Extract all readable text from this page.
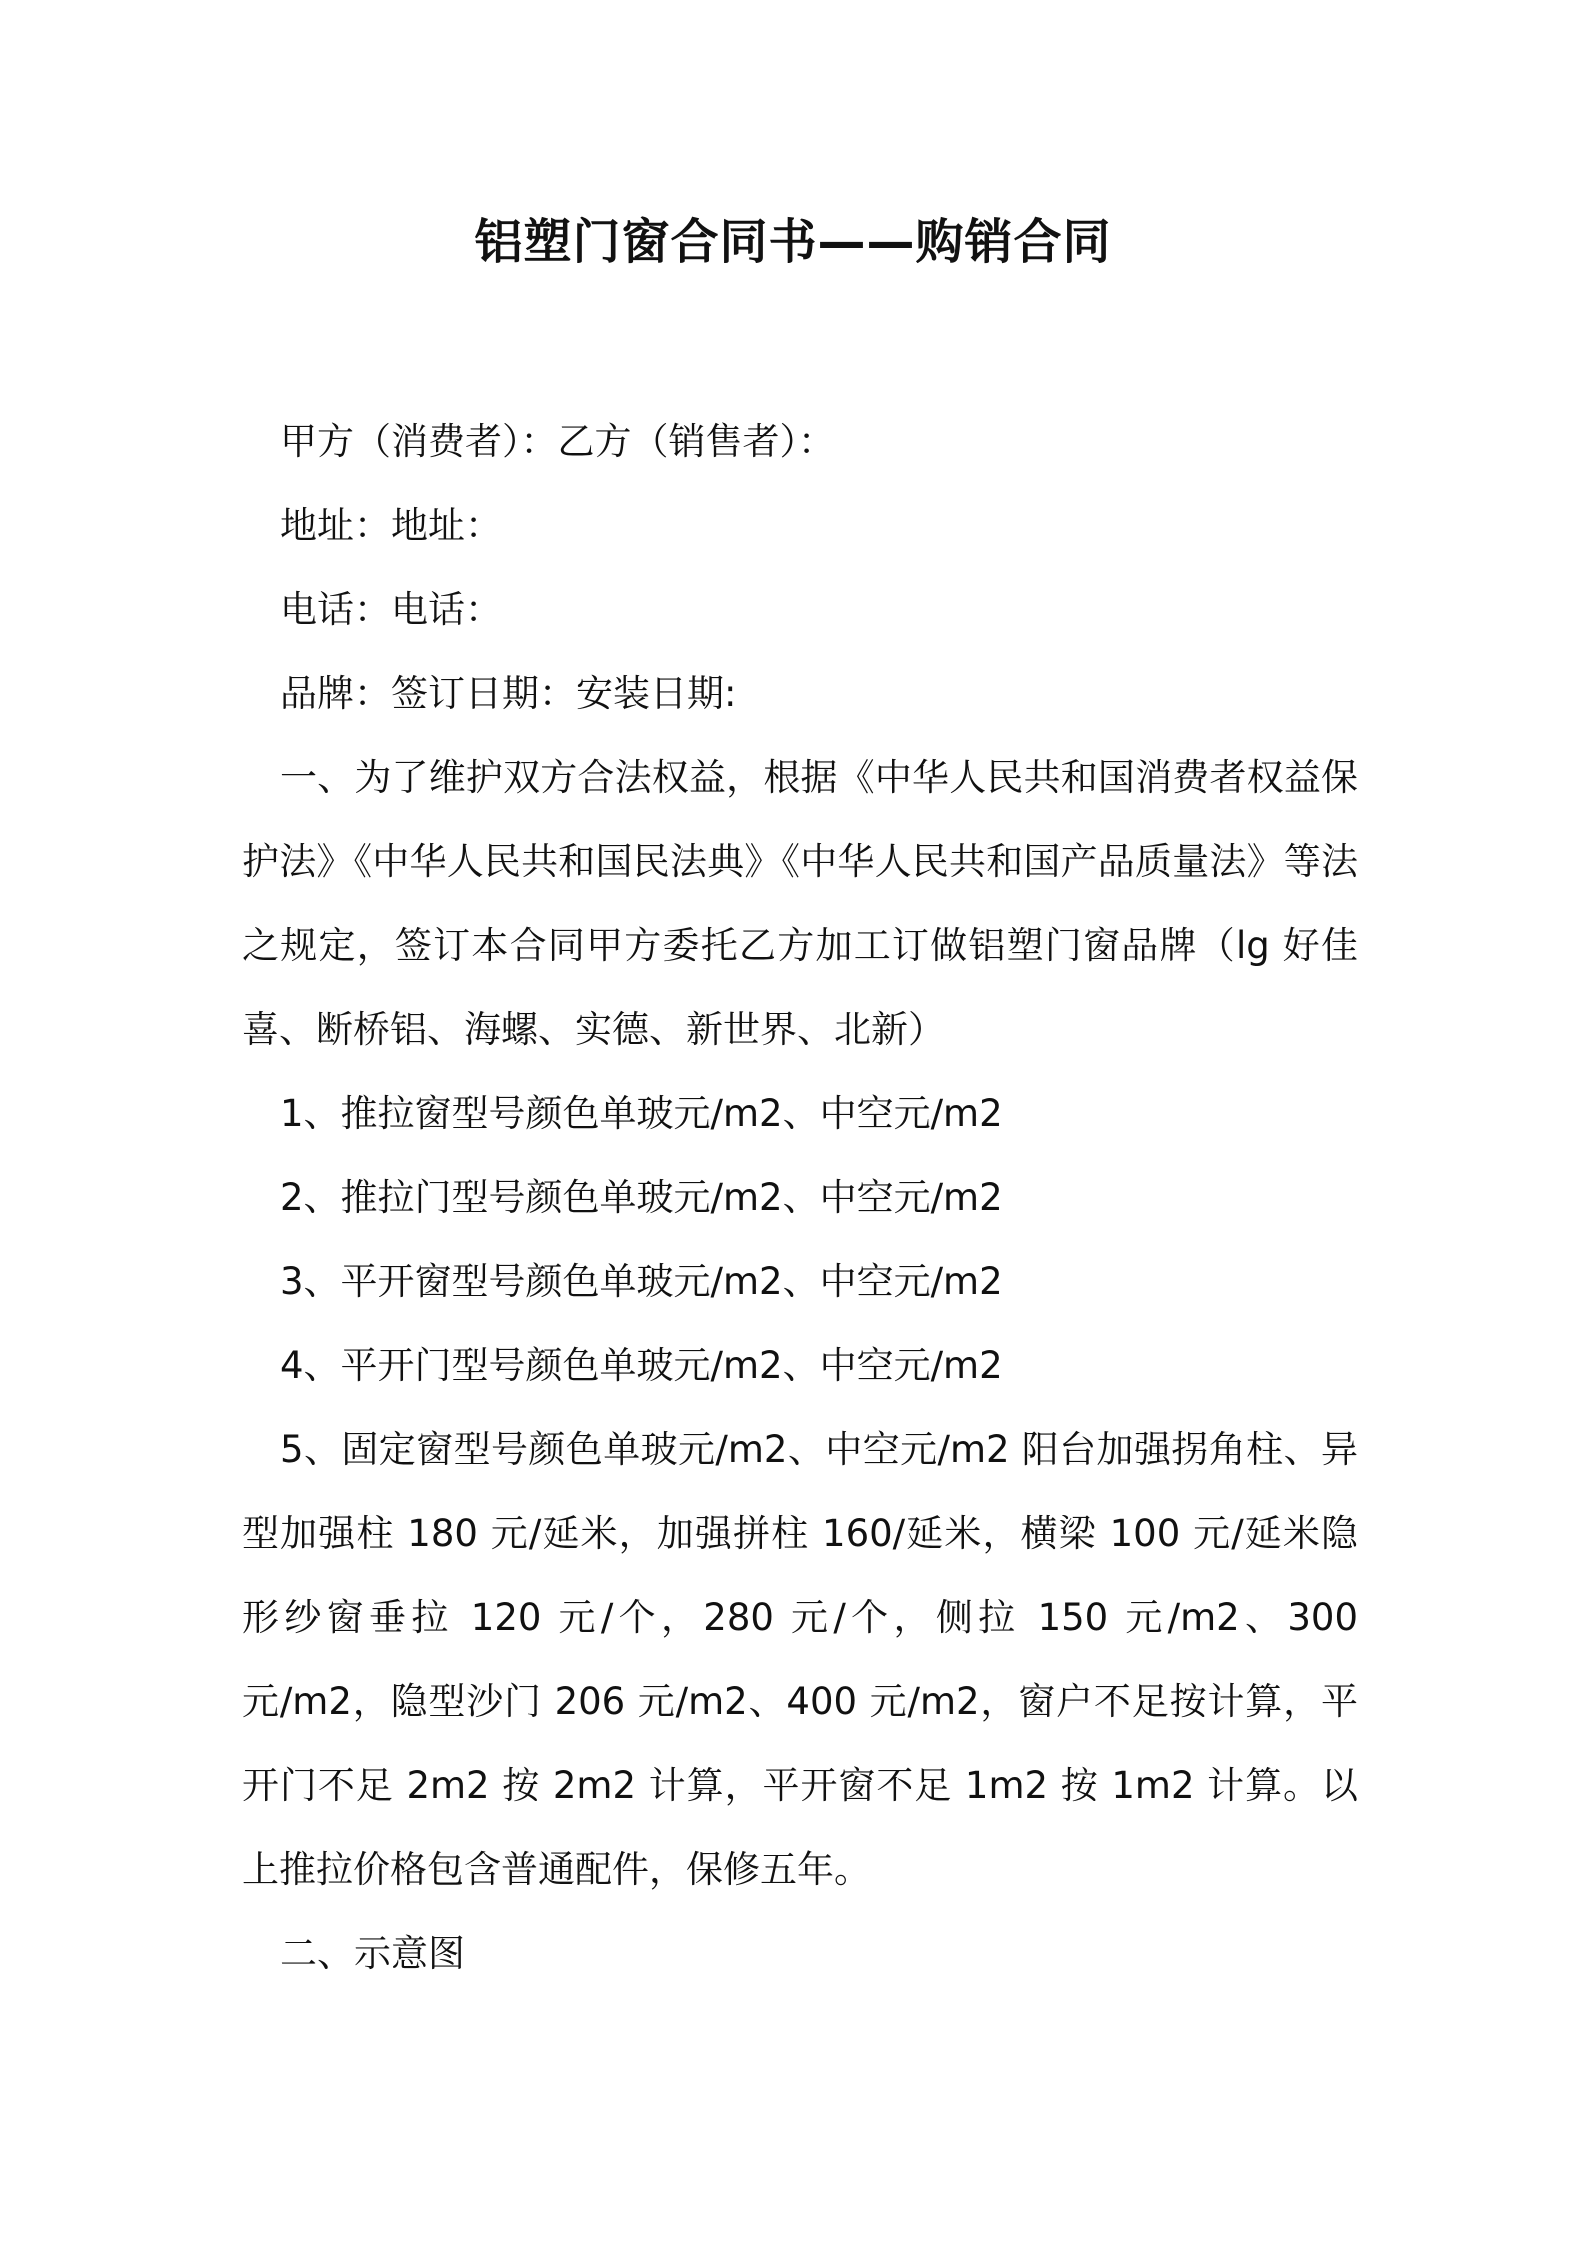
铝塑门窗合同书——购销合同

甲方（消费者）：乙方（销售者）：

地址：地址：

电话：电话：

品牌：签订日期：安装日期:

一、为了维护双方合法权益，根据《中华人民共和国消费者权益保护法》《中华人民共和国民法典》《中华人民共和国产品质量法》等法之规定，签订本合同甲方委托乙方加工订做铝塑门窗品牌（lg 好佳喜、断桥铝、海螺、实德、新世界、北新）

1、推拉窗型号颜色单玻元/m2、中空元/m2

2、推拉门型号颜色单玻元/m2、中空元/m2

3、平开窗型号颜色单玻元/m2、中空元/m2

4、平开门型号颜色单玻元/m2、中空元/m2

5、固定窗型号颜色单玻元/m2、中空元/m2 阳台加强拐角柱、异型加强柱 180 元/延米，加强拼柱 160/延米，横梁 100 元/延米隐形纱窗垂拉 120 元/个，280 元/个，侧拉 150 元/m2、300 元/m2，隐型沙门 206 元/m2、400 元/m2，窗户不足按计算，平开门不足 2m2 按 2m2 计算，平开窗不足 1m2 按 1m2 计算。以上推拉价格包含普通配件，保修五年。

二、示意图
